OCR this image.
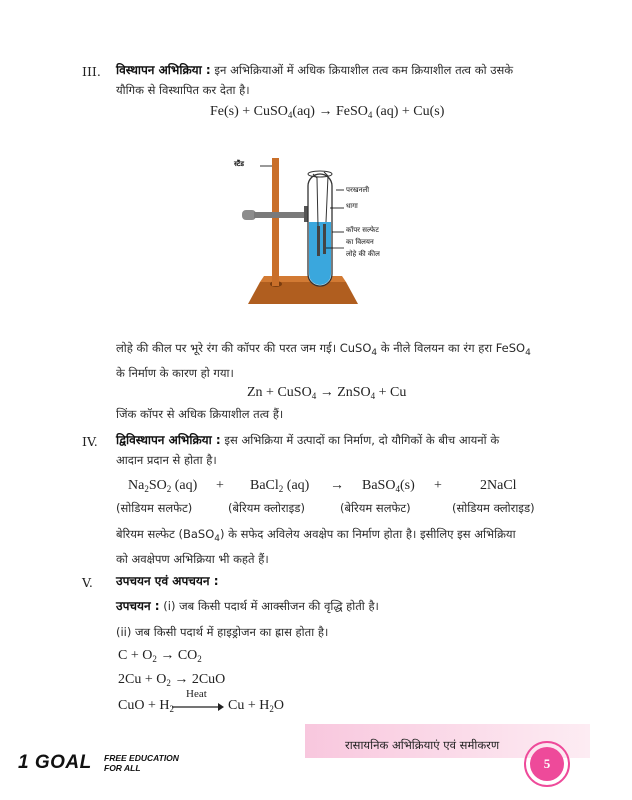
III. विस्थापन अभिक्रिया : इन अभिक्रियाओं में अधिक क्रियाशील तत्व कम क्रियाशील तत्व को उसके
यौगिक से विस्थापित कर देता है।
Fe(s) + CuSO$_4$(aq) → FeSO$_4$ (aq) + Cu(s)
स्टैंड
परखनली
धागा
कॉपर सल्फेट
का विलयन
लोहे की कील
लोहे की कील पर भूरे रंग की कॉपर की परत जम गई। CuSO$_4$ के नीले विलयन का रंग हरा FeSO$_4$
के निर्माण के कारण हो गया।
Zn + CuSO$_4$ → ZnSO$_4$ + Cu
जिंक कॉपर से अधिक क्रियाशील तत्व हैं।
IV. द्विविस्थापन अभिक्रिया : इस अभिक्रिया में उत्पादों का निर्माण, दो यौगिकों के बीच आयनों के
आदान प्रदान से होता है।
$Na_2SO_2$ (aq) + BaCl$_2$ (aq) → BaSO$_4$(s) +	2NaCl
(सोडियम सलफेट)	(बेरियम क्लोराइड)	(बेरियम सलफेट)	(सोडियम क्लोराइड)
बेरियम सल्फेट (BaSO$_4$) के सफेद अविलेय अवक्षेप का निर्माण होता है। इसीलिए इस अभिक्रिया
को अवक्षेपण अभिक्रिया भी कहते हैं।
V. उपचयन एवं अपचयन :
उपचयन : (i) जब किसी पदार्थ में आक्सीजन की वृद्धि होती है।
(ii) जब किसी पदार्थ में हाइड्रोजन का ह्रास होता है।
$C + O_2 \to CO_2$
$2Cu + O_2 \to 2CuO$
CuO + $H_2$
Heat
$Cu + H_2O$
1 GOAL FREE EDUCATION
FOR ALL
रासायनिक अभिक्रियाएं एवं समीकरण
5
